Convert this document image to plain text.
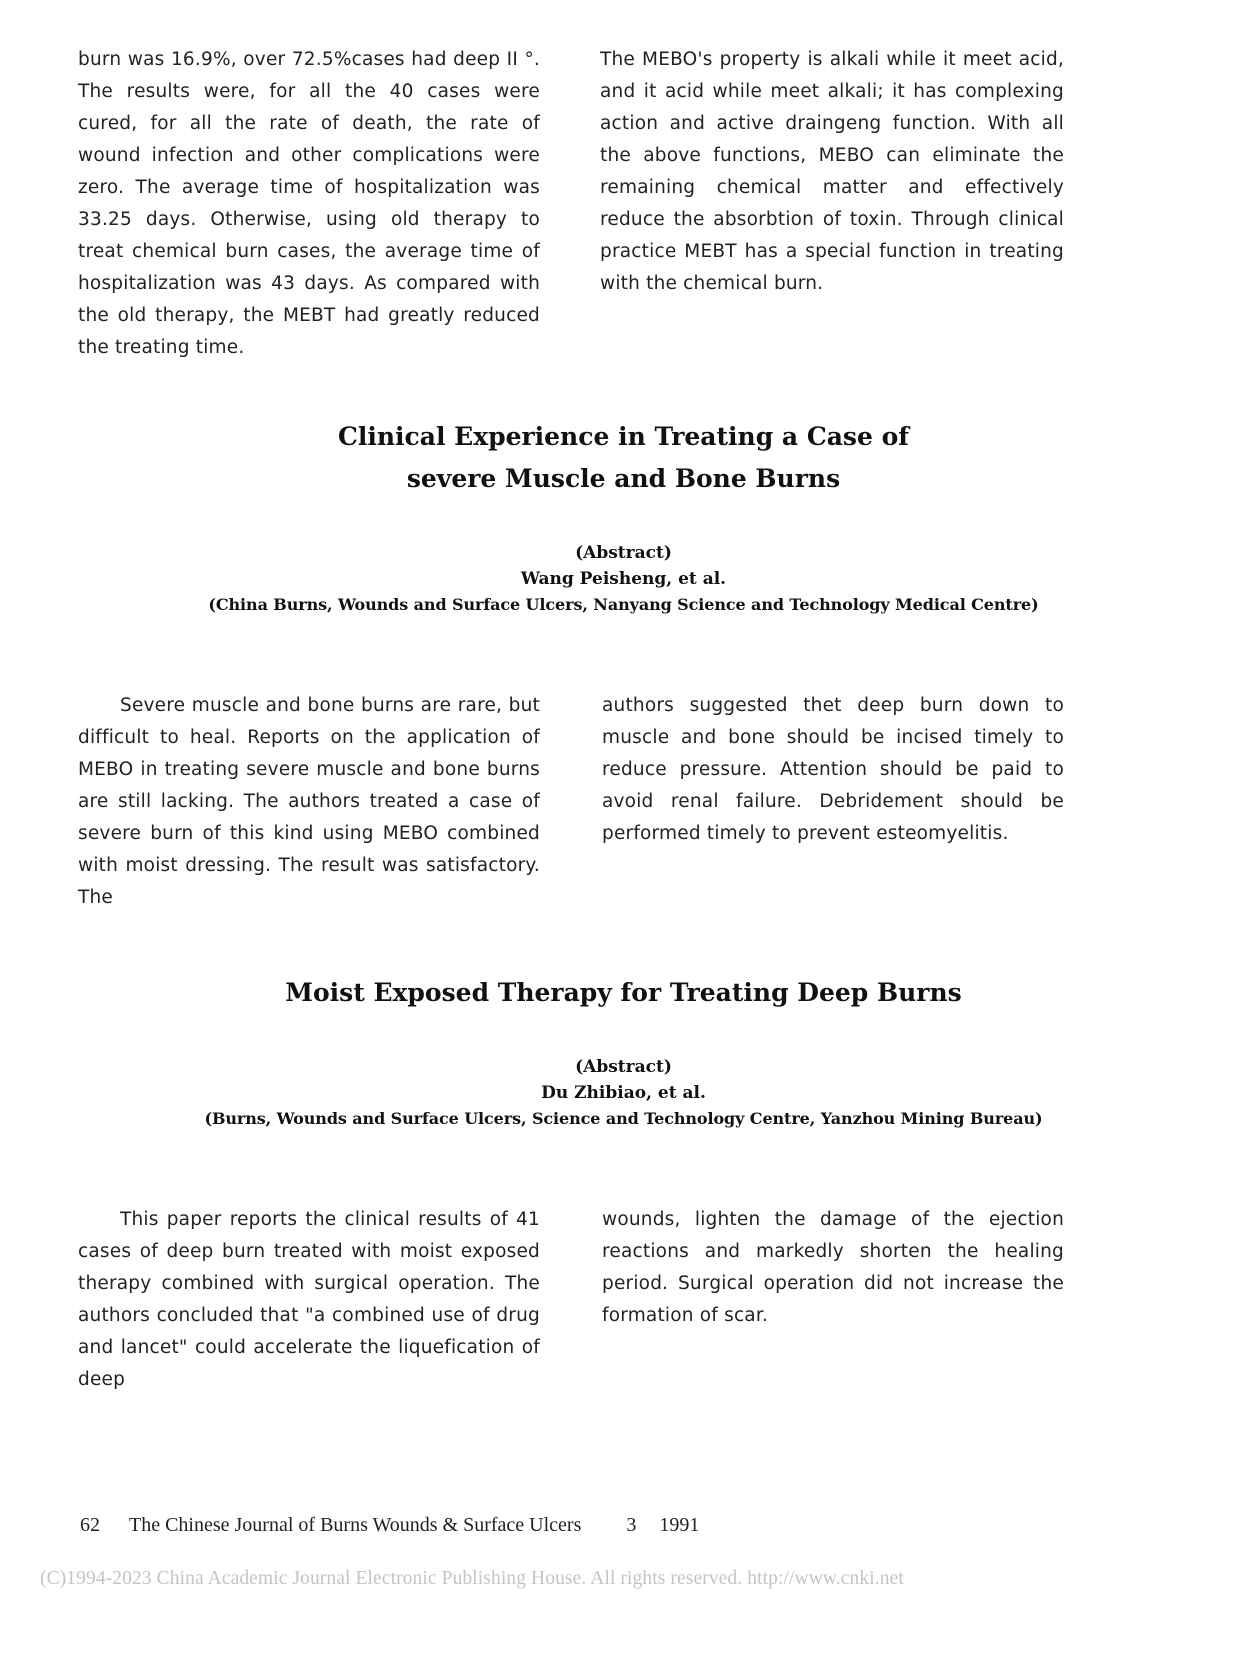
burn was 16.9%, over 72.5%cases had deep II °. The results were, for all the 40 cases were cured, for all the rate of death, the rate of wound infection and other complications were zero. The average time of hospitalization was 33.25 days. Otherwise, using old therapy to treat chemical burn cases, the average time of hospitalization was 43 days. As compared with the old therapy, the MEBT had greatly reduced the treating time.

The MEBO's property is alkali while it meet acid, and it acid while meet alkali; it has complexing action and active draingeng function. With all the above functions, MEBO can eliminate the remaining chemical matter and effectively reduce the absorbtion of toxin. Through clinical practice MEBT has a special function in treating with the chemical burn.

Clinical Experience in Treating a Case of
severe Muscle and Bone Burns
(Abstract)
Wang Peisheng, et al.
(China Burns, Wounds and Surface Ulcers, Nanyang Science and Technology Medical Centre)

Severe muscle and bone burns are rare, but difficult to heal. Reports on the application of MEBO in treating severe muscle and bone burns are still lacking. The authors treated a case of severe burn of this kind using MEBO combined with moist dressing. The result was satisfactory. The

authors suggested thet deep burn down to muscle and bone should be incised timely to reduce pressure. Attention should be paid to avoid renal failure. Debridement should be performed timely to prevent esteomyelitis.

Moist Exposed Therapy for Treating Deep Burns
(Abstract)
Du Zhibiao, et al.
(Burns, Wounds and Surface Ulcers, Science and Technology Centre, Yanzhou Mining Bureau)

This paper reports the clinical results of 41 cases of deep burn treated with moist exposed therapy combined with surgical operation. The authors concluded that "a combined use of drug and lancet" could accelerate the liquefication of deep

wounds, lighten the damage of the ejection reactions and markedly shorten the healing period. Surgical operation did not increase the formation of scar.

62 The Chinese Journal of Burns Wounds & Surface Ulcers 3 1991
(C)1994-2023 China Academic Journal Electronic Publishing House. All rights reserved. http://www.cnki.net
